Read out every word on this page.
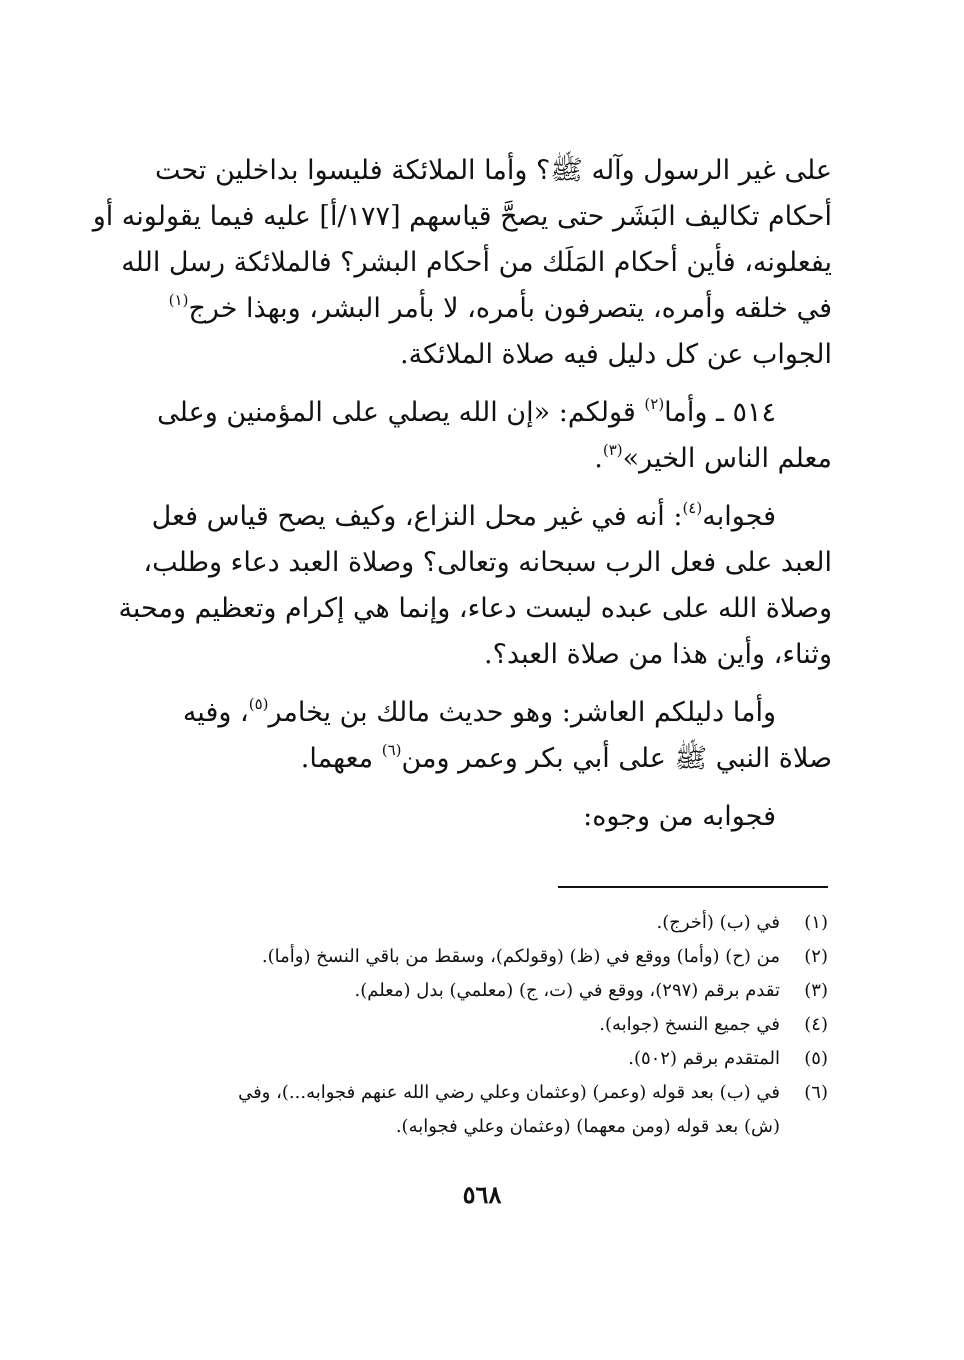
على غير الرسول وآله ﷺ؟ وأما الملائكة فليسوا بداخلين تحت
أحكام تكاليف البَشَر حتى يصحَّ قياسهم [١٧٧/أ] عليه فيما يقولونه أو
يفعلونه، فأين أحكام المَلَك من أحكام البشر؟ فالملائكة رسل الله
في خلقه وأمره، يتصرفون بأمره، لا بأمر البشر، وبهذا خرج$^{(١)}$
الجواب عن كل دليل فيه صلاة الملائكة.

٥١٤ ـ وأما$^{(٢)}$ قولكم: «إن الله يصلي على المؤمنين وعلى
معلم الناس الخير»$^{(٣)}$.

فجوابه$^{(٤)}$: أنه في غير محل النزاع، وكيف يصح قياس فعل
العبد على فعل الرب سبحانه وتعالى؟ وصلاة العبد دعاء وطلب،
وصلاة الله على عبده ليست دعاء، وإنما هي إكرام وتعظيم ومحبة
وثناء، وأين هذا من صلاة العبد؟.

وأما دليلكم العاشر: وهو حديث مالك بن يخامر$^{(٥)}$، وفيه
صلاة النبي ﷺ على أبي بكر وعمر ومن$^{(٦)}$ معهما.

فجوابه من وجوه:

(١)
في (ب) (أخرج).
(٢)
من (ح) (وأما) ووقع في (ظ) (وقولكم)، وسقط من باقي النسخ (وأما).
(٣)
تقدم برقم (٢٩٧)، ووقع في (ت، ج) (معلمي) بدل (معلم).
(٤)
في جميع النسخ (جوابه).
(٥)
المتقدم برقم (٥٠٢).
(٦)
في (ب) بعد قوله (وعمر) (وعثمان وعلي رضي الله عنهم فجوابه...)، وفي
(ش) بعد قوله (ومن معهما) (وعثمان وعلي فجوابه).
٥٦٨
